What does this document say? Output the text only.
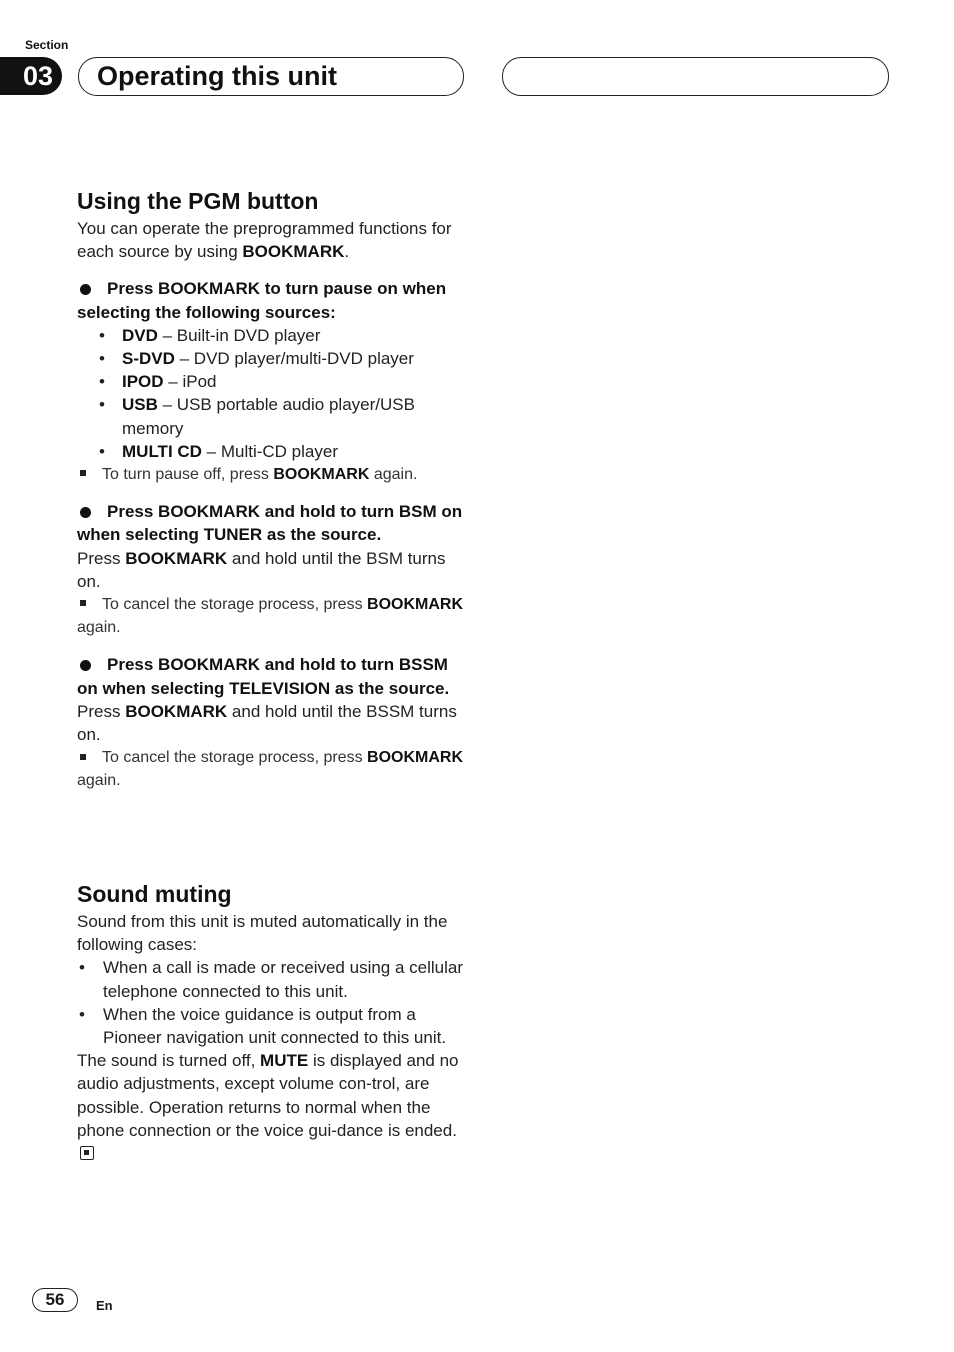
Section
03	Operating this unit
Using the PGM button

You can operate the preprogrammed functions for each source by using BOOKMARK.

Press BOOKMARK to turn pause on when selecting the following sources:

• DVD – Built-in DVD player
• S-DVD – DVD player/multi-DVD player
• IPOD – iPod
• USB – USB portable audio player/USB memory
• MULTI CD – Multi-CD player

To turn pause off, press BOOKMARK again.

Press BOOKMARK and hold to turn BSM on when selecting TUNER as the source.

Press BOOKMARK and hold until the BSM turns on.

To cancel the storage process, press BOOKMARK again.

Press BOOKMARK and hold to turn BSSM on when selecting TELEVISION as the source.

Press BOOKMARK and hold until the BSSM turns on.

To cancel the storage process, press BOOKMARK again.

Sound muting

Sound from this unit is muted automatically in the following cases:

• When a call is made or received using a cellular telephone connected to this unit.
• When the voice guidance is output from a Pioneer navigation unit connected to this unit.

The sound is turned off, MUTE is displayed and no audio adjustments, except volume con-trol, are possible. Operation returns to normal when the phone connection or the voice gui-dance is ended.

56	En
